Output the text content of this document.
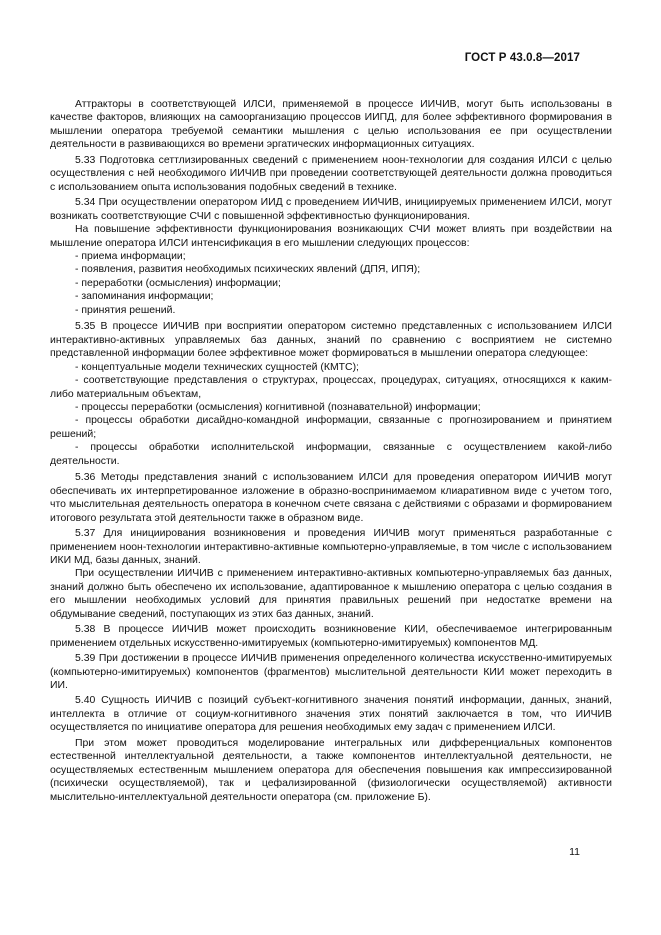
ГОСТ Р 43.0.8—2017

Аттракторы в соответствующей ИЛСИ, применяемой в процессе ИИЧИВ, могут быть использованы в качестве факторов, влияющих на самоорганизацию процессов ИИПД, для более эффективного формирования в мышлении оператора требуемой семантики мышления с целью использования ее при осуществлении деятельности в развивающихся во времени эргатических информационных ситуациях.

5.33 Подготовка сеттлизированных сведений с применением ноон-технологии для создания ИЛСИ с целью осуществления с ней необходимого ИИЧИВ при проведении соответствующей деятельности должна проводиться с использованием опыта использования подобных сведений в технике.

5.34 При осуществлении оператором ИИД с проведением ИИЧИВ, инициируемых применением ИЛСИ, могут возникать соответствующие СЧИ с повышенной эффективностью функционирования.

На повышение эффективности функционирования возникающих СЧИ может влиять при воздействии на мышление оператора ИЛСИ интенсификация в его мышлении следующих процессов:

- приема информации;
- появления, развития необходимых психических явлений (ДПЯ, ИПЯ);
- переработки (осмысления) информации;
- запоминания информации;
- принятия решений.

5.35 В процессе ИИЧИВ при восприятии оператором системно представленных с использованием ИЛСИ интерактивно-активных управляемых баз данных, знаний по сравнению с восприятием не системно представленной информации более эффективное может формироваться в мышлении оператора следующее:

- концептуальные модели технических сущностей (КМТС);
- соответствующие представления о структурах, процессах, процедурах, ситуациях, относящихся к каким-либо материальным объектам,
- процессы переработки (осмысления) когнитивной (познавательной) информации;
- процессы обработки дисайдно-командной информации, связанные с прогнозированием и принятием решений;
- процессы обработки исполнительской информации, связанные с осуществлением какой-либо деятельности.

5.36 Методы представления знаний с использованием ИЛСИ для проведения оператором ИИЧИВ могут обеспечивать их интерпретированное изложение в образно-воспринимаемом клиаративном виде с учетом того, что мыслительная деятельность оператора в конечном счете связана с действиями с образами и формированием итогового результата этой деятельности также в образном виде.

5.37 Для инициирования возникновения и проведения ИИЧИВ могут применяться разработанные с применением ноон-технологии интерактивно-активные компьютерно-управляемые, в том числе с использованием ИКИ МД, базы данных, знаний.

При осуществлении ИИЧИВ с применением интерактивно-активных компьютерно-управляемых баз данных, знаний должно быть обеспечено их использование, адаптированное к мышлению оператора с целью создания в его мышлении необходимых условий для принятия правильных решений при недостатке времени на обдумывание сведений, поступающих из этих баз данных, знаний.

5.38 В процессе ИИЧИВ может происходить возникновение КИИ, обеспечиваемое интегрированным применением отдельных искусственно-имитируемых (компьютерно-имитируемых) компонентов МД.

5.39 При достижении в процессе ИИЧИВ применения определенного количества искусственно-имитируемых (компьютерно-имитируемых) компонентов (фрагментов) мыслительной деятельности КИИ может переходить в ИИ.

5.40 Сущность ИИЧИВ с позиций субъект-когнитивного значения понятий информации, данных, знаний, интеллекта в отличие от социум-когнитивного значения этих понятий заключается в том, что ИИЧИВ осуществляется по инициативе оператора для решения необходимых ему задач с применением ИЛСИ.

При этом может проводиться моделирование интегральных или дифференциальных компонентов естественной интеллектуальной деятельности, а также компонентов интеллектуальной деятельности, не осуществляемых естественным мышлением оператора для обеспечения повышения как импрессизированной (психически осуществляемой), так и цефализированной (физиологически осуществляемой) активности мыслительно-интеллектуальной деятельности оператора (см. приложение Б).

11
